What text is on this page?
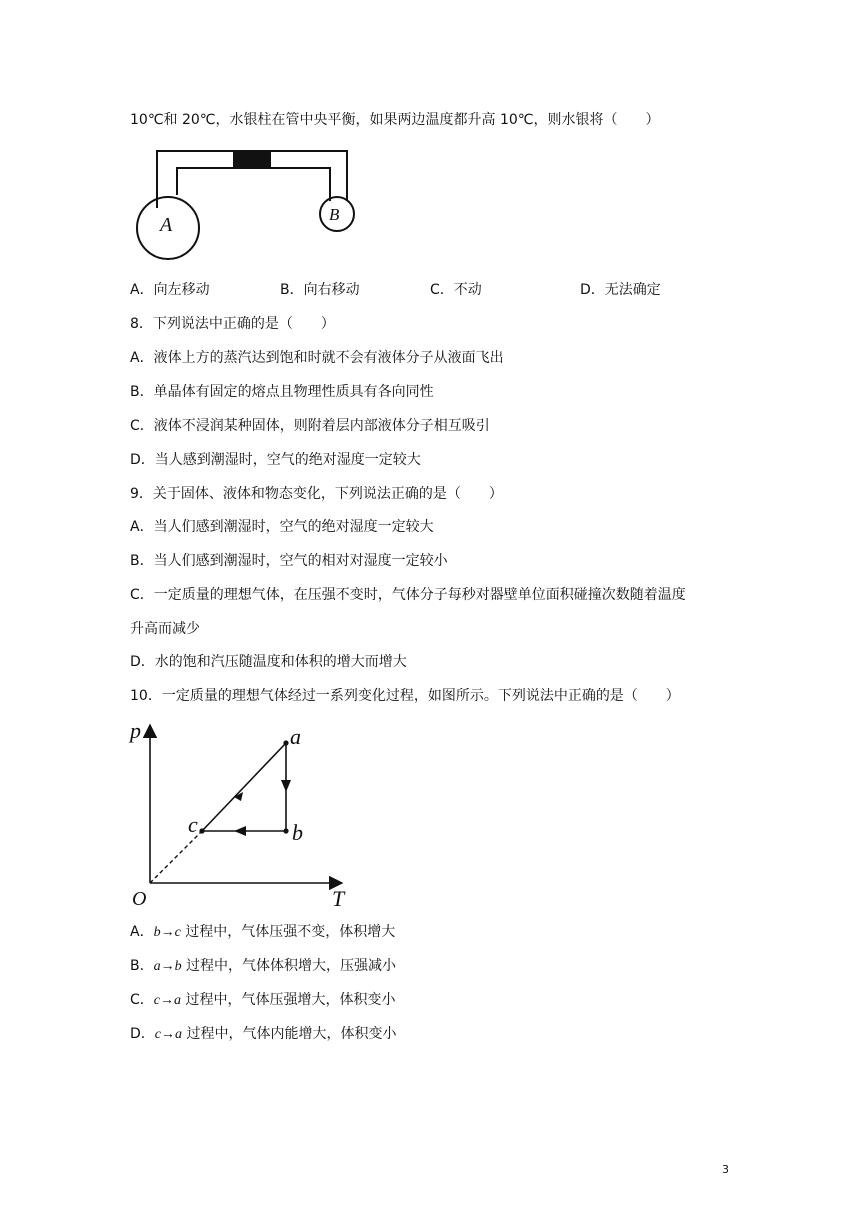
10℃和 20℃，水银柱在管中央平衡，如果两边温度都升高 10℃，则水银将（　　）
A	B
A．向左移动	B．向右移动	C．不动	D．无法确定
8．下列说法中正确的是（　　）
A．液体上方的蒸汽达到饱和时就不会有液体分子从液面飞出
B．单晶体有固定的熔点且物理性质具有各向同性
C．液体不浸润某种固体，则附着层内部液体分子相互吸引
D．当人感到潮湿时，空气的绝对湿度一定较大
9．关于固体、液体和物态变化，下列说法正确的是（　　）
A．当人们感到潮湿时，空气的绝对湿度一定较大
B．当人们感到潮湿时，空气的相对对湿度一定较小
C．一定质量的理想气体，在压强不变时，气体分子每秒对器壁单位面积碰撞次数随着温度
升高而减少
D．水的饱和汽压随温度和体积的增大而增大
10．一定质量的理想气体经过一系列变化过程，如图所示。下列说法中正确的是（　　）
p
T
O
a
b
c
A．b→c 过程中，气体压强不变，体积增大
B．a→b 过程中，气体体积增大，压强减小
C．c→a 过程中，气体压强增大，体积变小
D．c→a 过程中，气体内能增大，体积变小
3
